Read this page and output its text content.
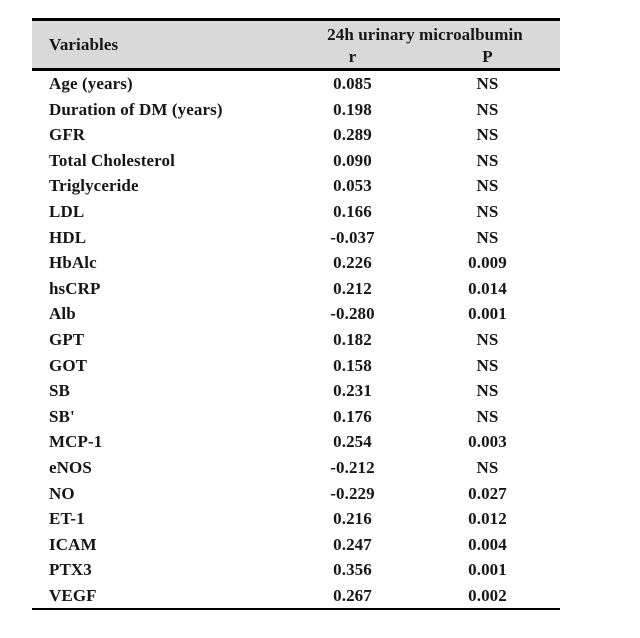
Variables	24h urinary microalbumin	
	r	P
Age (years)	0.085	NS
Duration of DM (years)	0.198	NS
GFR	0.289	NS
Total Cholesterol	0.090	NS
Triglyceride	0.053	NS
LDL	0.166	NS
HDL	-0.037	NS
HbAlc	0.226	0.009
hsCRP	0.212	0.014
Alb	-0.280	0.001
GPT	0.182	NS
GOT	0.158	NS
SB	0.231	NS
SB'	0.176	NS
MCP-1	0.254	0.003
eNOS	-0.212	NS
NO	-0.229	0.027
ET-1	0.216	0.012
ICAM	0.247	0.004
PTX3	0.356	0.001
VEGF	0.267	0.002
